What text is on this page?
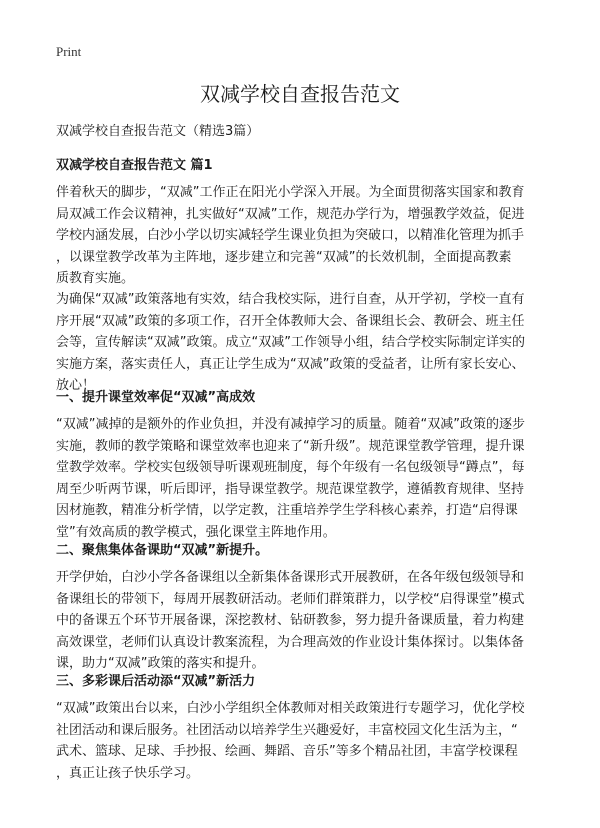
Print
双减学校自查报告范文

双减学校自查报告范文（精选3篇）

双减学校自查报告范文 篇1

伴着秋天的脚步，“双减”工作正在阳光小学深入开展。为全面贯彻落实国家和教育
局双减工作会议精神，扎实做好“双减”工作，规范办学行为，增强教学效益，促进
学校内涵发展，白沙小学以切实减轻学生课业负担为突破口，以精准化管理为抓手
，以课堂教学改革为主阵地，逐步建立和完善“双减”的长效机制，全面提高教素
质教育实施。
为确保“双减”政策落地有实效，结合我校实际，进行自查，从开学初，学校一直有
序开展“双减”政策的多项工作，召开全体教师大会、备课组长会、教研会、班主任
会等，宣传解读“双减”政策。成立“双减”工作领导小组，结合学校实际制定详实的
实施方案，落实责任人，真正让学生成为“双减”政策的受益者，让所有家长安心、
放心！

一、提升课堂效率促“双减”高成效

“双减”减掉的是额外的作业负担，并没有减掉学习的质量。随着“双减”政策的逐步
实施，教师的教学策略和课堂效率也迎来了“新升级”。规范课堂教学管理，提升课
堂教学效率。学校实包级领导听课观班制度，每个年级有一名包级领导“蹲点”，每
周至少听两节课，听后即评，指导课堂教学。规范课堂教学，遵循教育规律、坚持
因材施教，精准分析学情，以学定教，注重培养学生学科核心素养，打造“启得课
堂”有效高质的教学模式，强化课堂主阵地作用。

二、聚焦集体备课助“双减”新提升。

开学伊始，白沙小学各备课组以全新集体备课形式开展教研，在各年级包级领导和
备课组长的带领下，每周开展教研活动。老师们群策群力，以学校“启得课堂”模式
中的备课五个环节开展备课，深挖教材、钻研教参，努力提升备课质量，着力构建
高效课堂，老师们认真设计教案流程，为合理高效的作业设计集体探讨。以集体备
课，助力“双减”政策的落实和提升。

三、多彩课后活动添“双减”新活力

“双减”政策出台以来，白沙小学组织全体教师对相关政策进行专题学习，优化学校
社团活动和课后服务。社团活动以培养学生兴趣爱好，丰富校园文化生活为主，“
武术、篮球、足球、手抄报、绘画、舞蹈、音乐”等多个精品社团，丰富学校课程
，真正让孩子快乐学习。
